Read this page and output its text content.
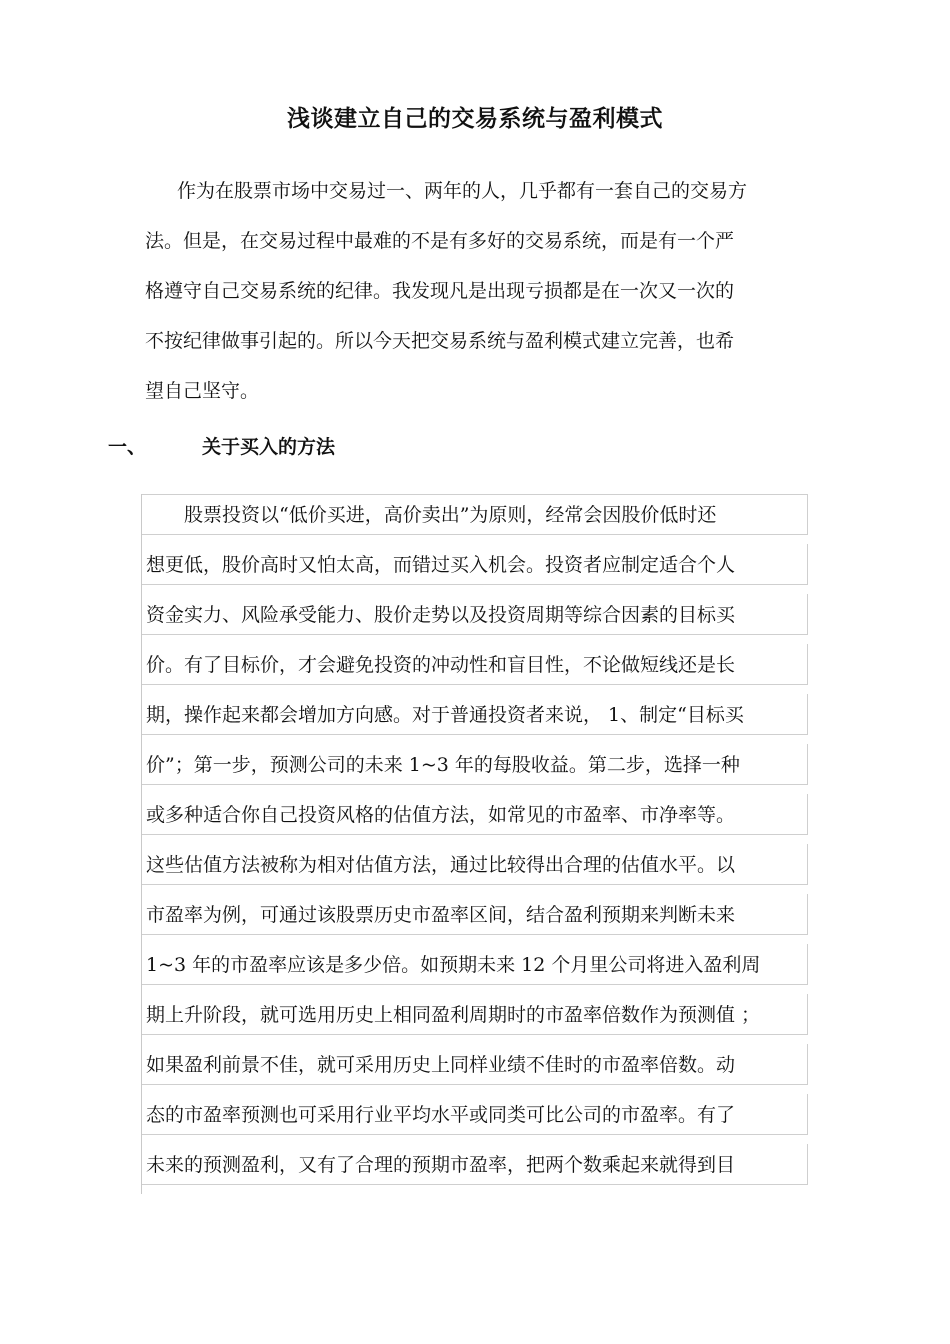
浅谈建立自己的交易系统与盈利模式
作为在股票市场中交易过一、两年的人，几乎都有一套自己的交易方
法。但是，在交易过程中最难的不是有多好的交易系统，而是有一个严
格遵守自己交易系统的纪律。我发现凡是出现亏损都是在一次又一次的
不按纪律做事引起的。所以今天把交易系统与盈利模式建立完善，也希
望自己坚守。
一、	关于买入的方法
股票投资以“低价买进，高价卖出”为原则，经常会因股价低时还
想更低，股价高时又怕太高，而错过买入机会。投资者应制定适合个人
资金实力、风险承受能力、股价走势以及投资周期等综合因素的目标买
价。有了目标价，才会避免投资的冲动性和盲目性，不论做短线还是长
期，操作起来都会增加方向感。对于普通投资者来说， 1、制定“目标买
价”；第一步，预测公司的未来 1~3 年的每股收益。第二步，选择一种
或多种适合你自己投资风格的估值方法，如常见的市盈率、市净率等。
这些估值方法被称为相对估值方法，通过比较得出合理的估值水平。以
市盈率为例，可通过该股票历史市盈率区间，结合盈利预期来判断未来
1~3 年的市盈率应该是多少倍。如预期未来 12 个月里公司将进入盈利周
期上升阶段，就可选用历史上相同盈利周期时的市盈率倍数作为预测值 ；
如果盈利前景不佳，就可采用历史上同样业绩不佳时的市盈率倍数。动
态的市盈率预测也可采用行业平均水平或同类可比公司的市盈率。有了
未来的预测盈利，又有了合理的预期市盈率，把两个数乘起来就得到目
